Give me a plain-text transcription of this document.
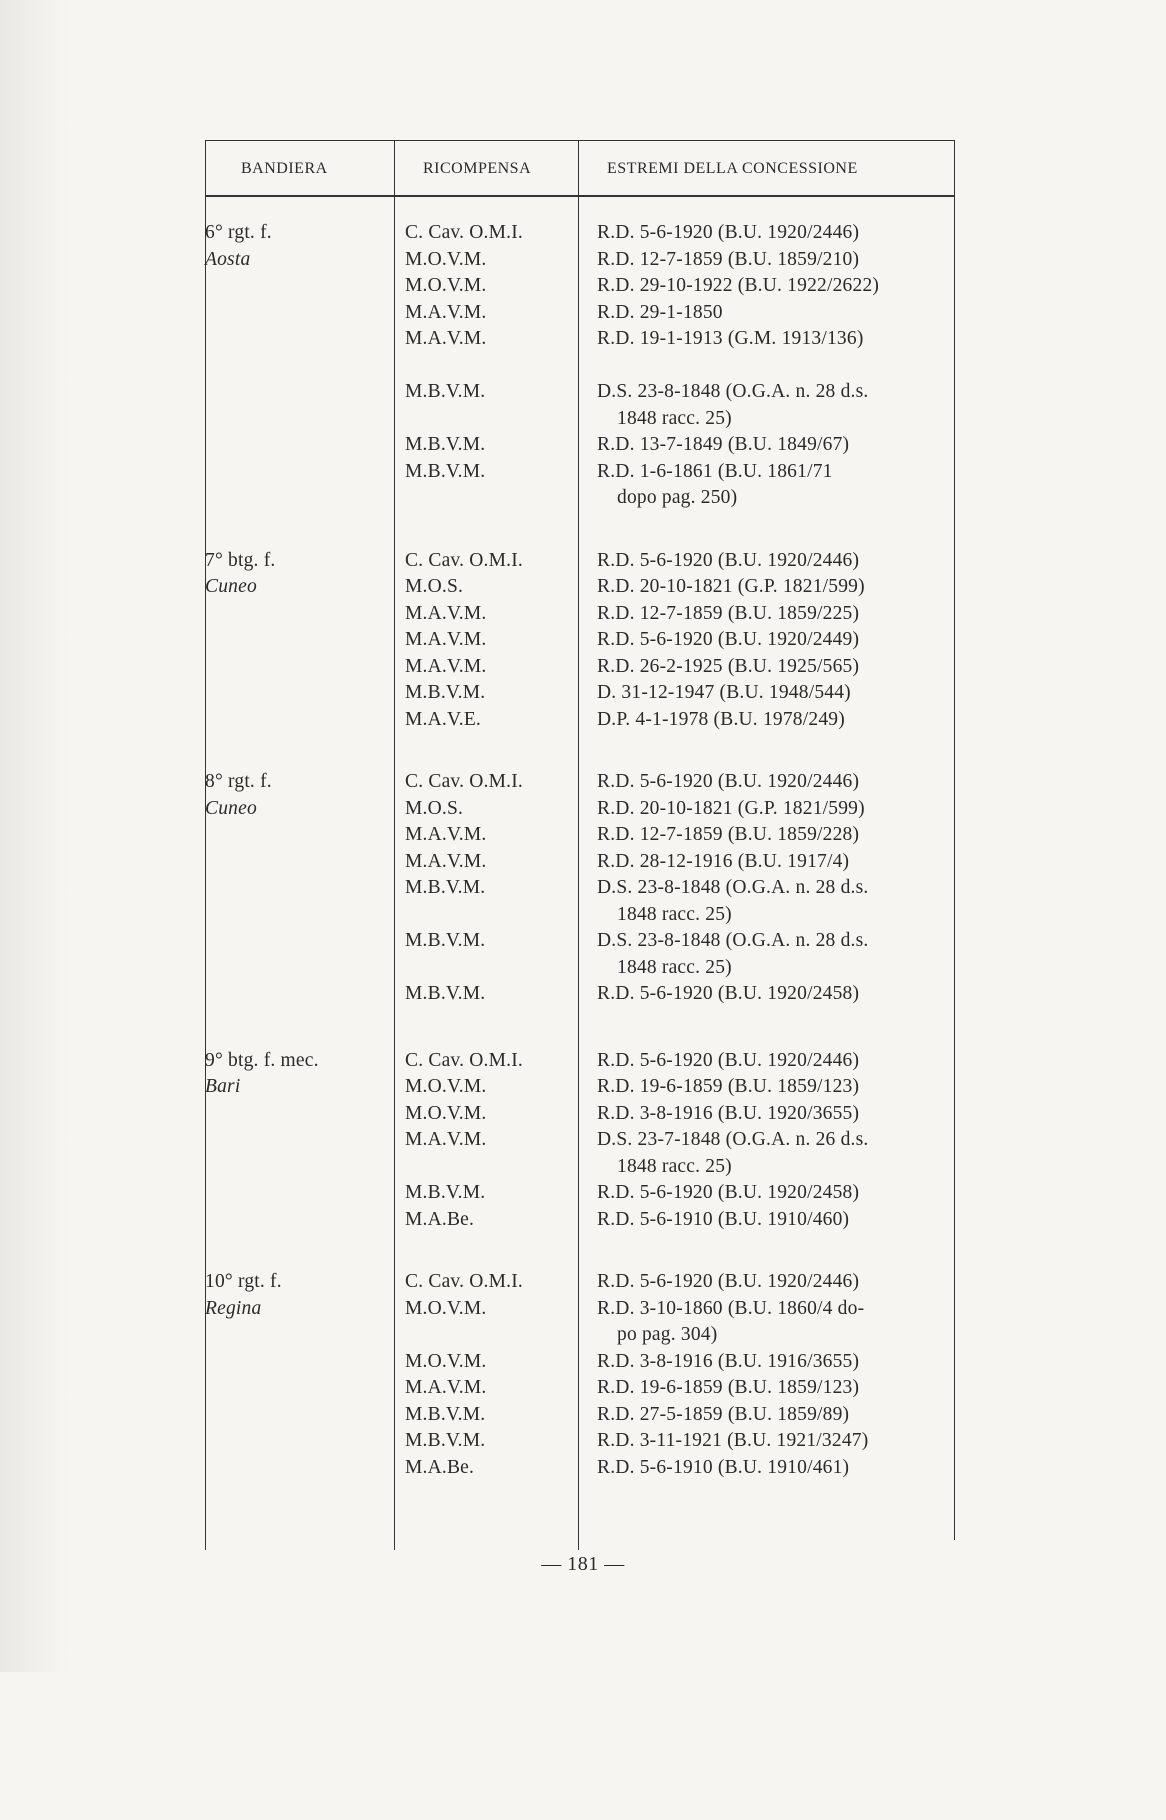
BANDIERA	RICOMPENSA	ESTREMI DELLA CONCESSIONE
6° rgt. f.
Aosta
C. Cav. O.M.I.
M.O.V.M.
M.O.V.M.
M.A.V.M.
M.A.V.M.

M.B.V.M.

M.B.V.M.
M.B.V.M.

R.D. 5-6-1920 (B.U. 1920/2446)
R.D. 12-7-1859 (B.U. 1859/210)
R.D. 29-10-1922 (B.U. 1922/2622)
R.D. 29-1-1850
R.D. 19-1-1913 (G.M. 1913/136)

D.S. 23-8-1848 (O.G.A. n. 28 d.s.
1848 racc. 25)
R.D. 13-7-1849 (B.U. 1849/67)
R.D. 1-6-1861 (B.U. 1861/71
dopo pag. 250)
7° btg. f.
Cuneo
C. Cav. O.M.I.
M.O.S.
M.A.V.M.
M.A.V.M.
M.A.V.M.
M.B.V.M.
M.A.V.E.
R.D. 5-6-1920 (B.U. 1920/2446)
R.D. 20-10-1821 (G.P. 1821/599)
R.D. 12-7-1859 (B.U. 1859/225)
R.D. 5-6-1920 (B.U. 1920/2449)
R.D. 26-2-1925 (B.U. 1925/565)
D. 31-12-1947 (B.U. 1948/544)
D.P. 4-1-1978 (B.U. 1978/249)
8° rgt. f.
Cuneo
C. Cav. O.M.I.
M.O.S.
M.A.V.M.
M.A.V.M.
M.B.V.M.

M.B.V.M.

M.B.V.M.
R.D. 5-6-1920 (B.U. 1920/2446)
R.D. 20-10-1821 (G.P. 1821/599)
R.D. 12-7-1859 (B.U. 1859/228)
R.D. 28-12-1916 (B.U. 1917/4)
D.S. 23-8-1848 (O.G.A. n. 28 d.s.
1848 racc. 25)
D.S. 23-8-1848 (O.G.A. n. 28 d.s.
1848 racc. 25)
R.D. 5-6-1920 (B.U. 1920/2458)
9° btg. f. mec.
Bari
C. Cav. O.M.I.
M.O.V.M.
M.O.V.M.
M.A.V.M.

M.B.V.M.
M.A.Be.
R.D. 5-6-1920 (B.U. 1920/2446)
R.D. 19-6-1859 (B.U. 1859/123)
R.D. 3-8-1916 (B.U. 1920/3655)
D.S. 23-7-1848 (O.G.A. n. 26 d.s.
1848 racc. 25)
R.D. 5-6-1920 (B.U. 1920/2458)
R.D. 5-6-1910 (B.U. 1910/460)
10° rgt. f.
Regina
C. Cav. O.M.I.
M.O.V.M.

M.O.V.M.
M.A.V.M.
M.B.V.M.
M.B.V.M.
M.A.Be.
R.D. 5-6-1920 (B.U. 1920/2446)
R.D. 3-10-1860 (B.U. 1860/4 do-
po pag. 304)
R.D. 3-8-1916 (B.U. 1916/3655)
R.D. 19-6-1859 (B.U. 1859/123)
R.D. 27-5-1859 (B.U. 1859/89)
R.D. 3-11-1921 (B.U. 1921/3247)
R.D. 5-6-1910 (B.U. 1910/461)
— 181 —
